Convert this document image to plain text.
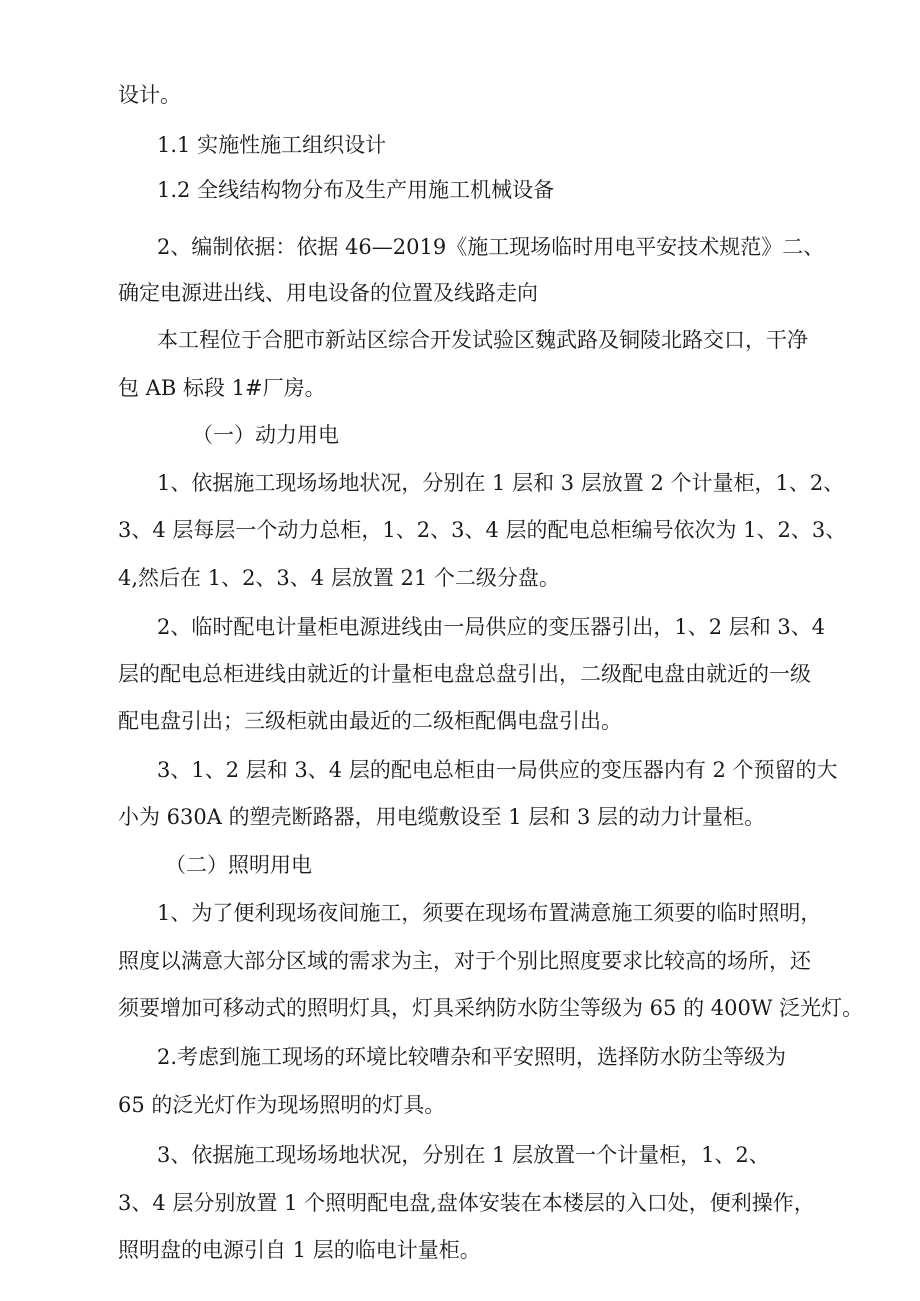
设计。
1.1 实施性施工组织设计
1.2 全线结构物分布及生产用施工机械设备
2、编制依据：依据 46—2019《施工现场临时用电平安技术规范》二、
确定电源进出线、用电设备的位置及线路走向
本工程位于合肥市新站区综合开发试验区魏武路及铜陵北路交口，干净
包 AB 标段 1#厂房。
（一）动力用电
1、依据施工现场场地状况，分别在 1 层和 3 层放置 2 个计量柜，1、2、
3、4 层每层一个动力总柜，1、2、3、4 层的配电总柜编号依次为 1、2、3、
4,然后在 1、2、3、4 层放置 21 个二级分盘。
2、临时配电计量柜电源进线由一局供应的变压器引出，1、2 层和 3、4
层的配电总柜进线由就近的计量柜电盘总盘引出，二级配电盘由就近的一级
配电盘引出；三级柜就由最近的二级柜配偶电盘引出。
3、1、2 层和 3、4 层的配电总柜由一局供应的变压器内有 2 个预留的大
小为 630A 的塑壳断路器，用电缆敷设至 1 层和 3 层的动力计量柜。
（二）照明用电
1、为了便利现场夜间施工，须要在现场布置满意施工须要的临时照明，
照度以满意大部分区域的需求为主，对于个别比照度要求比较高的场所，还
须要增加可移动式的照明灯具，灯具采纳防水防尘等级为 65 的 400W 泛光灯。
2.考虑到施工现场的环境比较嘈杂和平安照明，选择防水防尘等级为
65 的泛光灯作为现场照明的灯具。
3、依据施工现场场地状况，分别在 1 层放置一个计量柜，1、2、
3、4 层分别放置 1 个照明配电盘,盘体安装在本楼层的入口处，便利操作，
照明盘的电源引自 1 层的临电计量柜。
